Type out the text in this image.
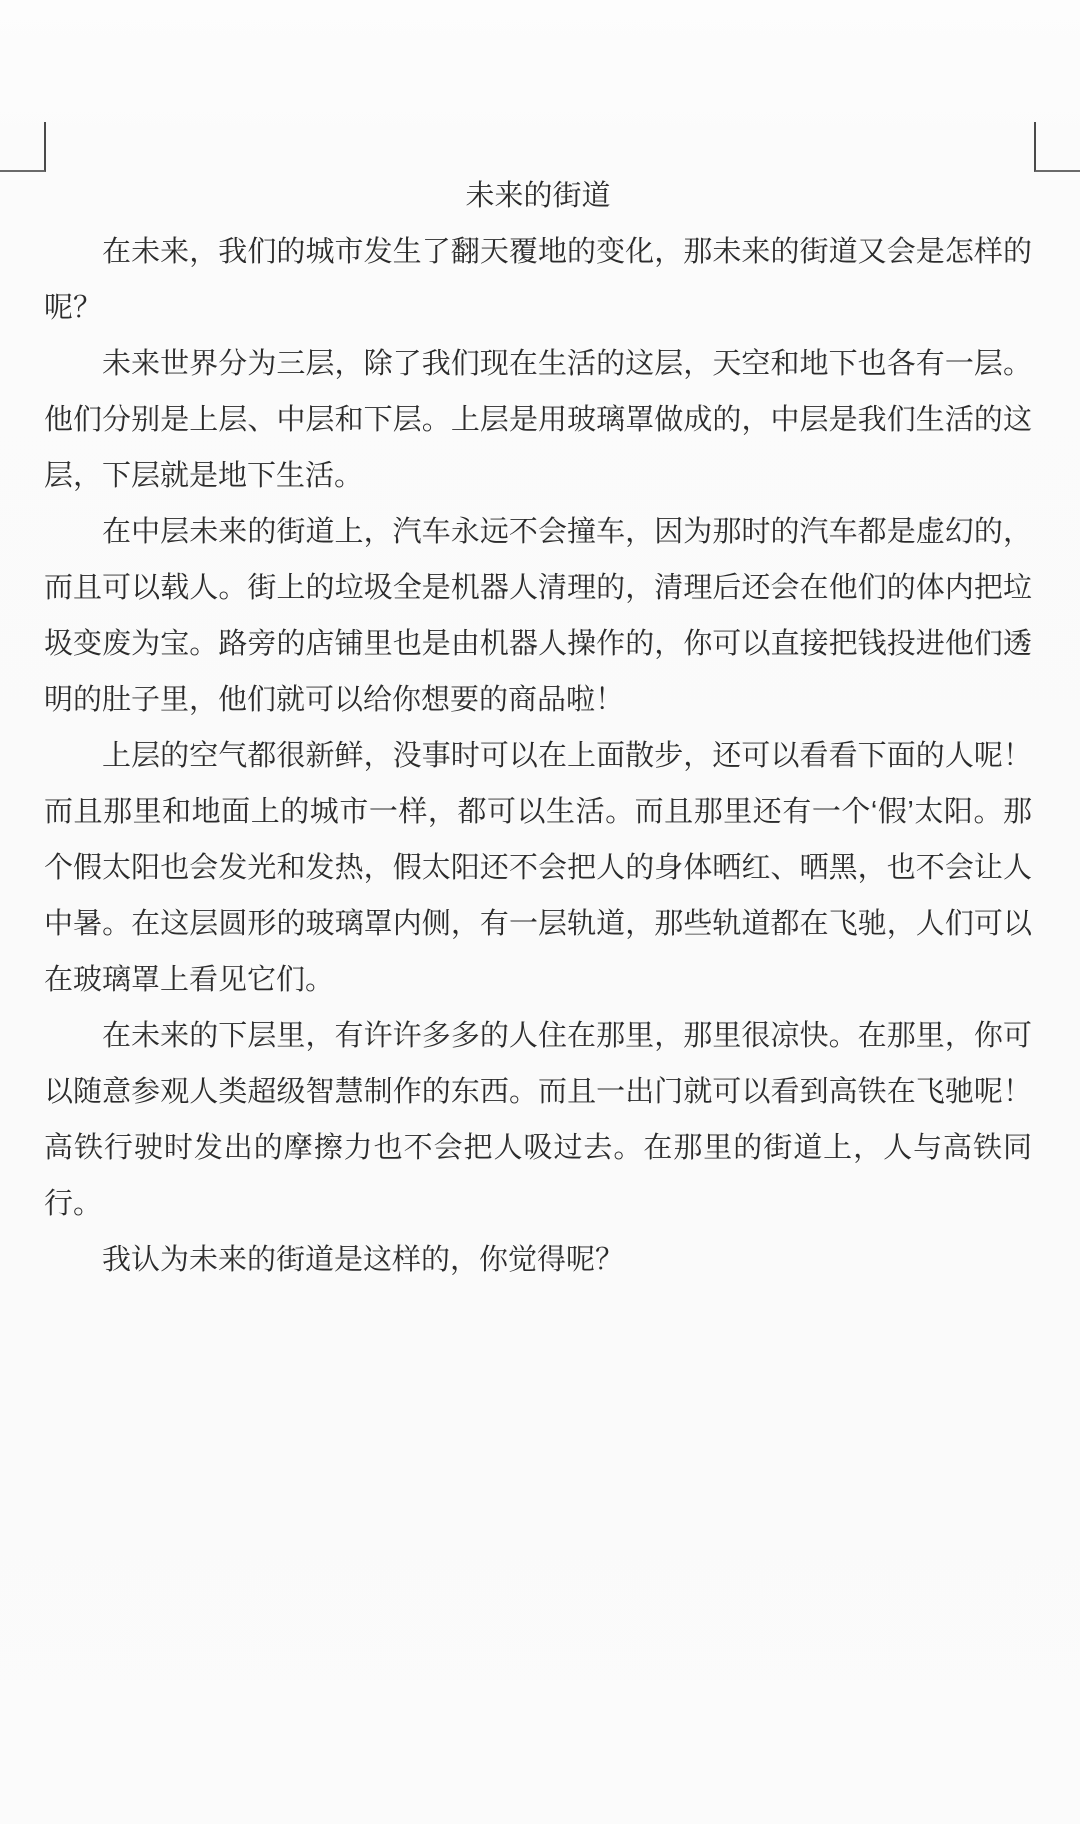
未来的街道

在未来，我们的城市发生了翻天覆地的变化，那未来的街道又会是怎样的呢？

未来世界分为三层，除了我们现在生活的这层，天空和地下也各有一层。他们分别是上层、中层和下层。上层是用玻璃罩做成的，中层是我们生活的这层，下层就是地下生活。

在中层未来的街道上，汽车永远不会撞车，因为那时的汽车都是虚幻的，而且可以载人。街上的垃圾全是机器人清理的，清理后还会在他们的体内把垃圾变废为宝。路旁的店铺里也是由机器人操作的，你可以直接把钱投进他们透明的肚子里，他们就可以给你想要的商品啦！

上层的空气都很新鲜，没事时可以在上面散步，还可以看看下面的人呢！而且那里和地面上的城市一样，都可以生活。而且那里还有一个‘假’太阳。那个假太阳也会发光和发热，假太阳还不会把人的身体晒红、晒黑，也不会让人中暑。在这层圆形的玻璃罩内侧，有一层轨道，那些轨道都在飞驰，人们可以在玻璃罩上看见它们。

在未来的下层里，有许许多多的人住在那里，那里很凉快。在那里，你可以随意参观人类超级智慧制作的东西。而且一出门就可以看到高铁在飞驰呢！高铁行驶时发出的摩擦力也不会把人吸过去。在那里的街道上，人与高铁同行。

我认为未来的街道是这样的，你觉得呢？
